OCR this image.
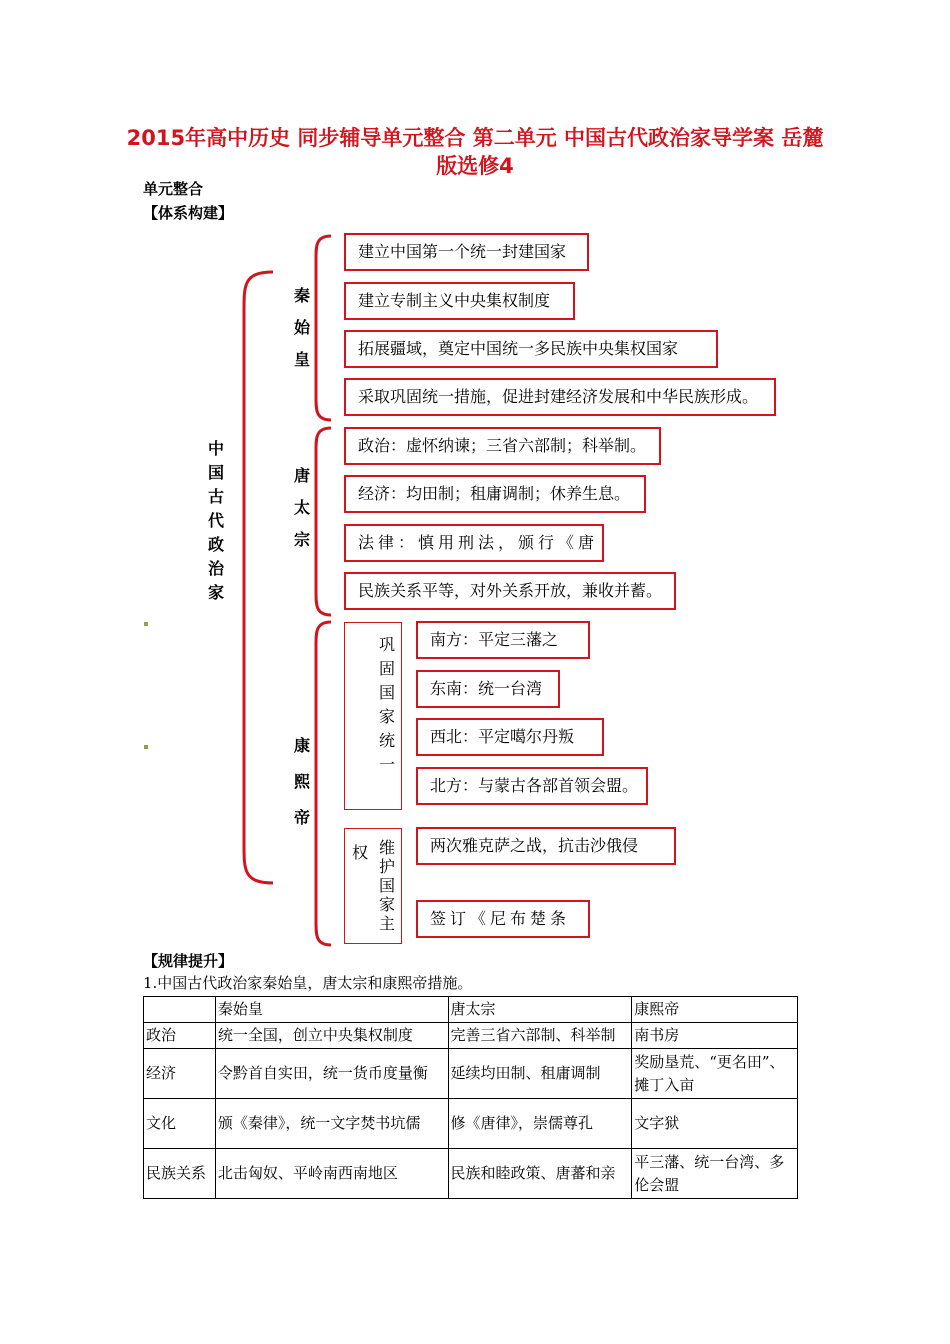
2015年高中历史 同步辅导单元整合 第二单元 中国古代政治家导学案 岳麓版选修4
单元整合
【体系构建】
中国古代政治家
秦始皇
建立中国第一个统一封建国家
建立专制主义中央集权制度
拓展疆域，奠定中国统一多民族中央集权国家
采取巩固统一措施，促进封建经济发展和中华民族形成。
唐太宗
政治：虚怀纳谏；三省六部制；科举制。
经济：均田制；租庸调制；休养生息。
法律：慎用刑法，颁行《唐
民族关系平等，对外关系开放，兼收并蓄。
康熙帝
巩固国家统一
南方：平定三藩之
东南：统一台湾
西北：平定噶尔丹叛
北方：与蒙古各部首领会盟。
权 维护国家主
两次雅克萨之战，抗击沙俄侵
签订《尼布楚条
【规律提升】
1.中国古代政治家秦始皇，唐太宗和康熙帝措施。
	秦始皇	唐太宗	康熙帝
政治	统一全国，创立中央集权制度	完善三省六部制、科举制	南书房
经济	令黔首自实田，统一货币度量衡	延续均田制、租庸调制	奖励垦荒、“更名田”、摊丁入亩
文化	颁《秦律》，统一文字焚书坑儒	修《唐律》，崇儒尊孔	文字狱
民族关系	北击匈奴、平岭南西南地区	民族和睦政策、唐蕃和亲	平三藩、统一台湾、多伦会盟
